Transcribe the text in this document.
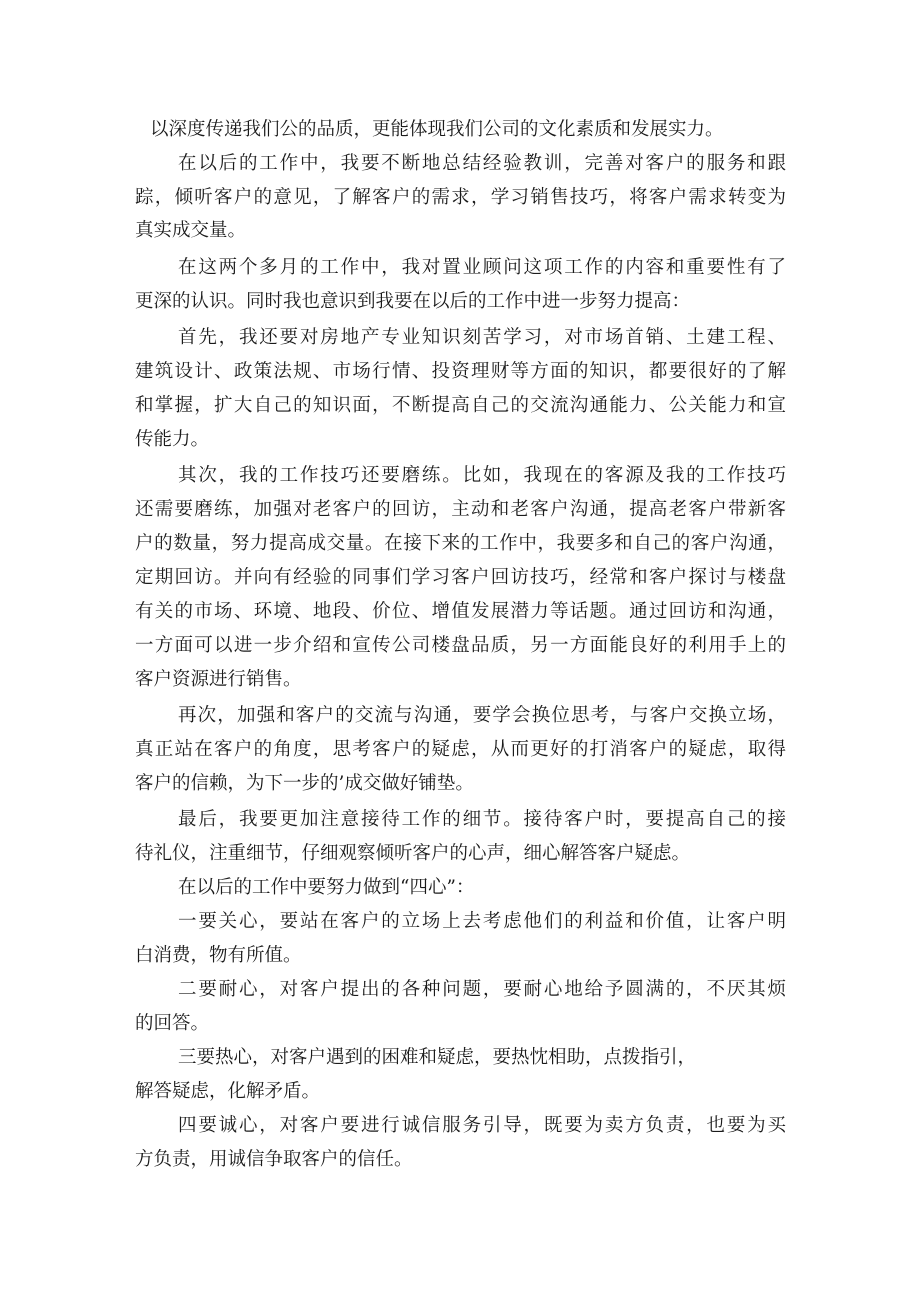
以深度传递我们公的品质，更能体现我们公司的文化素质和发展实力。
在以后的工作中，我要不断地总结经验教训，完善对客户的服务和跟
踪，倾听客户的意见，了解客户的需求，学习销售技巧，将客户需求转变为
真实成交量。
在这两个多月的工作中，我对置业顾问这项工作的内容和重要性有了
更深的认识。同时我也意识到我要在以后的工作中进一步努力提高：
首先，我还要对房地产专业知识刻苦学习，对市场首销、土建工程、
建筑设计、政策法规、市场行情、投资理财等方面的知识，都要很好的了解
和掌握，扩大自己的知识面，不断提高自己的交流沟通能力、公关能力和宣
传能力。
其次，我的工作技巧还要磨练。比如，我现在的客源及我的工作技巧
还需要磨练，加强对老客户的回访，主动和老客户沟通，提高老客户带新客
户的数量，努力提高成交量。在接下来的工作中，我要多和自己的客户沟通，
定期回访。并向有经验的同事们学习客户回访技巧，经常和客户探讨与楼盘
有关的市场、环境、地段、价位、增值发展潜力等话题。通过回访和沟通，
一方面可以进一步介绍和宣传公司楼盘品质，另一方面能良好的利用手上的
客户资源进行销售。
再次，加强和客户的交流与沟通，要学会换位思考，与客户交换立场，
真正站在客户的角度，思考客户的疑虑，从而更好的打消客户的疑虑，取得
客户的信赖，为下一步的’成交做好铺垫。
最后，我要更加注意接待工作的细节。接待客户时，要提高自己的接
待礼仪，注重细节，仔细观察倾听客户的心声，细心解答客户疑虑。
在以后的工作中要努力做到“四心”：
一要关心，要站在客户的立场上去考虑他们的利益和价值，让客户明
白消费，物有所值。
二要耐心，对客户提出的各种问题，要耐心地给予圆满的，不厌其烦
的回答。
三要热心，对客户遇到的困难和疑虑，要热忱相助，点拨指引，
解答疑虑，化解矛盾。
四要诚心，对客户要进行诚信服务引导，既要为卖方负责，也要为买
方负责，用诚信争取客户的信任。
